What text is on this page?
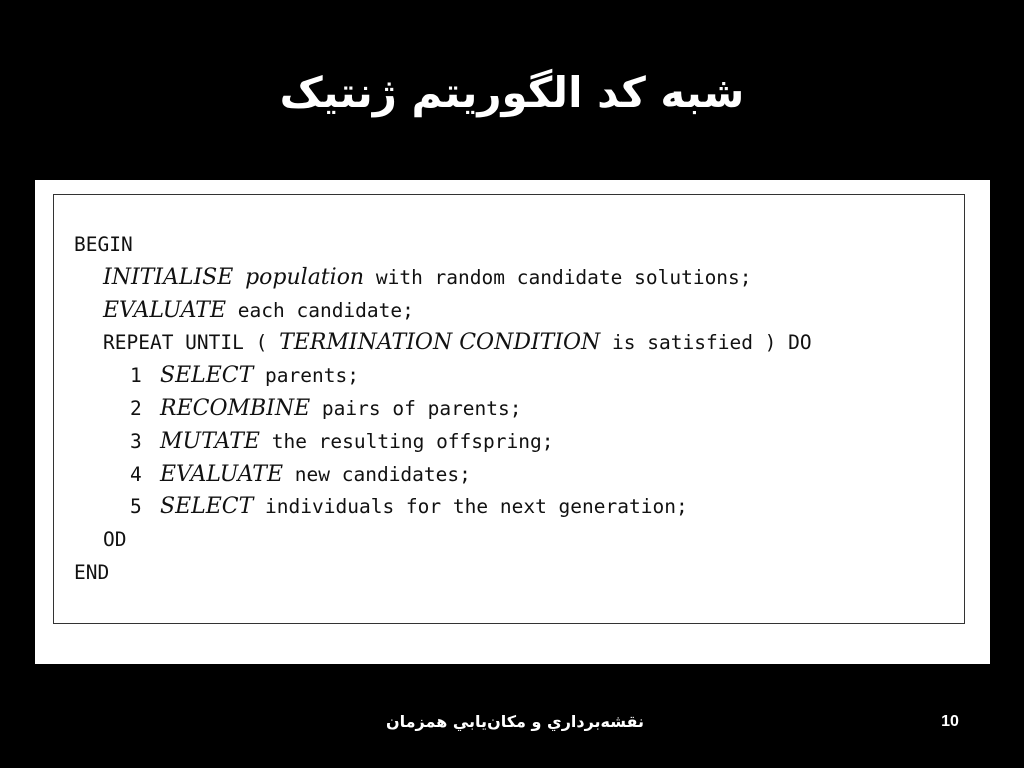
شبه کد الگوریتم ژنتیک
BEGIN
INITIALISE population with random candidate solutions;
EVALUATE each candidate;
REPEAT UNTIL ( TERMINATION CONDITION is satisfied ) DO
1 SELECT parents;
2 RECOMBINE pairs of parents;
3 MUTATE the resulting offspring;
4 EVALUATE new candidates;
5 SELECT individuals for the next generation;
OD
END
نقشه‌برداري و مكان‌يابي همزمان	10
